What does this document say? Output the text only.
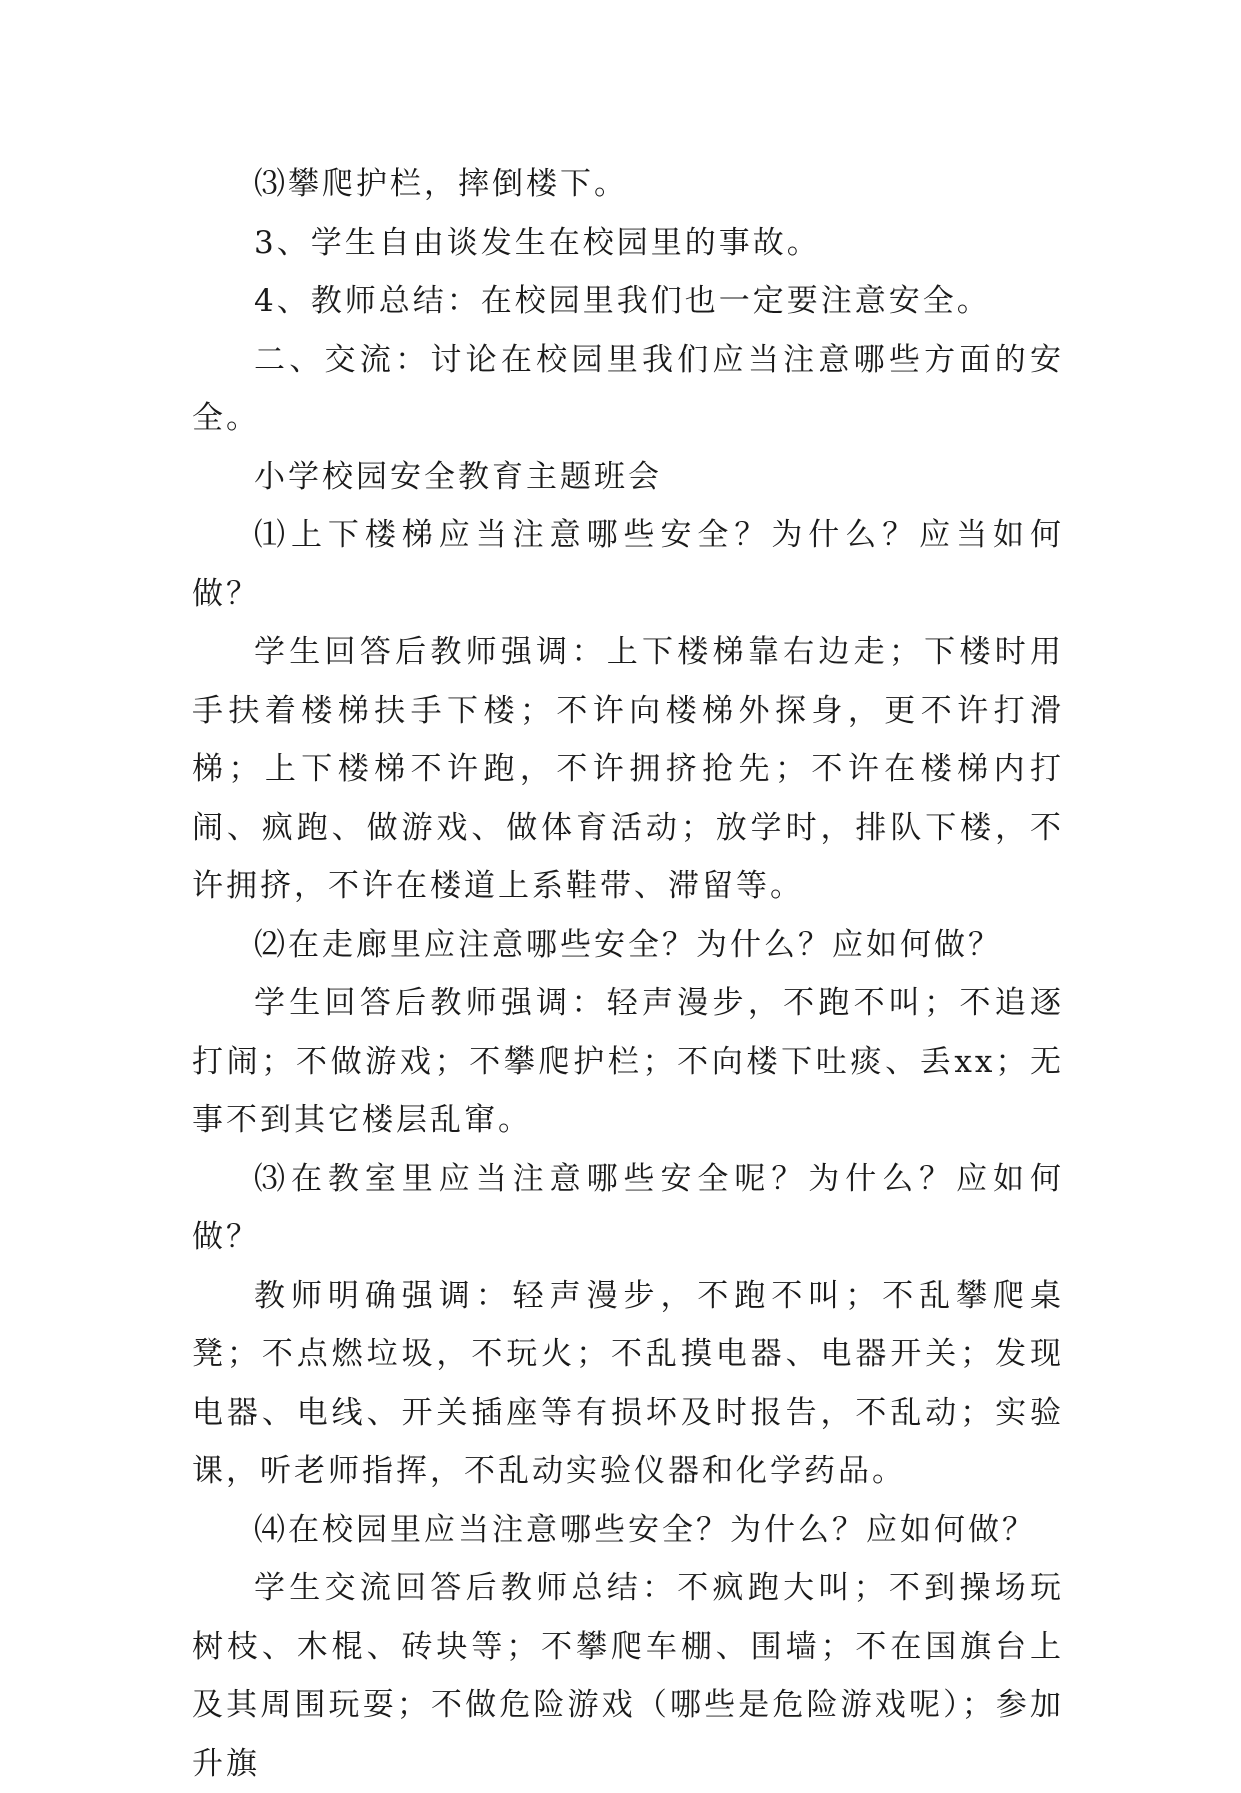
⑶攀爬护栏，摔倒楼下。

3、学生自由谈发生在校园里的事故。

4、教师总结：在校园里我们也一定要注意安全。

二、交流：讨论在校园里我们应当注意哪些方面的安全。

小学校园安全教育主题班会

⑴上下楼梯应当注意哪些安全？为什么？应当如何做？

学生回答后教师强调：上下楼梯靠右边走；下楼时用手扶着楼梯扶手下楼；不许向楼梯外探身，更不许打滑梯；上下楼梯不许跑，不许拥挤抢先；不许在楼梯内打闹、疯跑、做游戏、做体育活动；放学时，排队下楼，不许拥挤，不许在楼道上系鞋带、滞留等。

⑵在走廊里应注意哪些安全？为什么？应如何做？

学生回答后教师强调：轻声漫步，不跑不叫；不追逐打闹；不做游戏；不攀爬护栏；不向楼下吐痰、丢xx；无事不到其它楼层乱窜。

⑶在教室里应当注意哪些安全呢？为什么？应如何做？

教师明确强调：轻声漫步，不跑不叫；不乱攀爬桌凳；不点燃垃圾，不玩火；不乱摸电器、电器开关；发现电器、电线、开关插座等有损坏及时报告，不乱动；实验课，听老师指挥，不乱动实验仪器和化学药品。

⑷在校园里应当注意哪些安全？为什么？应如何做？

学生交流回答后教师总结：不疯跑大叫；不到操场玩树枝、木棍、砖块等；不攀爬车棚、围墙；不在国旗台上及其周围玩耍；不做危险游戏（哪些是危险游戏呢）；参加升旗
